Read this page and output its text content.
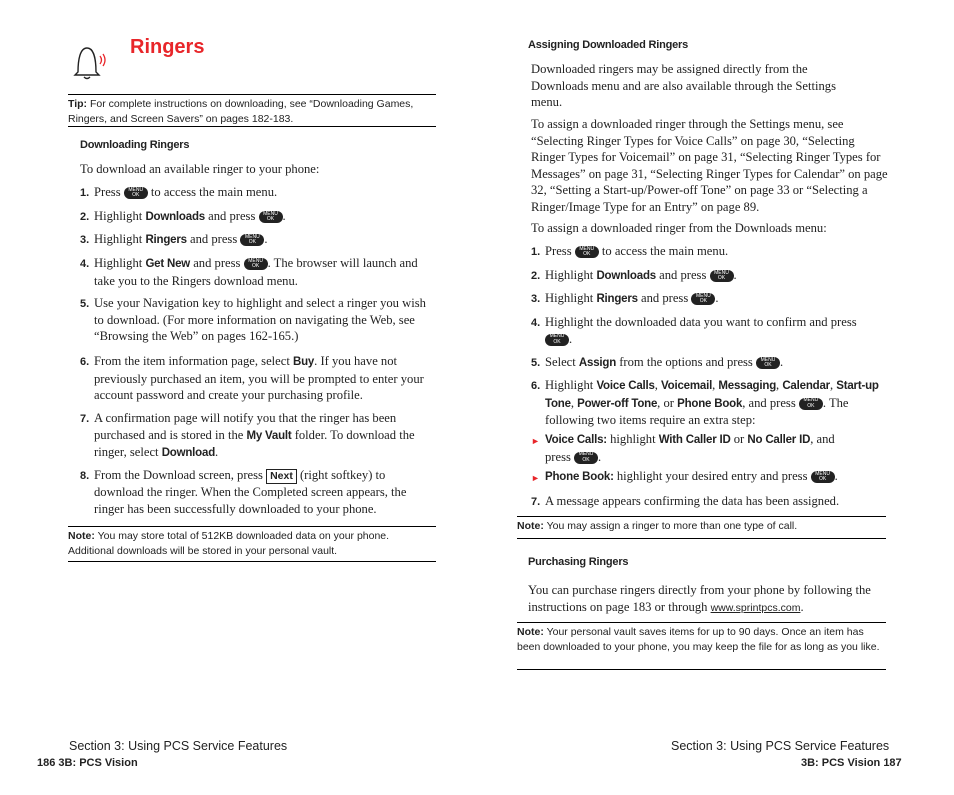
Ringers
Tip: For complete instructions on downloading, see “Downloading Games, Ringers, and Screen Savers” on pages 182-183.
Downloading Ringers
To download an available ringer to your phone:
1. Press MENU
OK to access the main menu.
2. Highlight Downloads and press MENU
OK .
3. Highlight Ringers and press MENU
OK .
4. Highlight Get New and press MENU
OK . The browser will launch and take you to the Ringers download menu.
5. Use your Navigation key to highlight and select a ringer you wish to download. (For more information on navigating the Web, see “Browsing the Web” on pages 162-165.)
6. From the item information page, select Buy. If you have not previously purchased an item, you will be prompted to enter your account password and create your purchasing profile.
7. A confirmation page will notify you that the ringer has been purchased and is stored in the My Vault folder. To download the ringer, select Download.
8. From the Download screen, press Next (right softkey) to download the ringer. When the Completed screen appears, the ringer has been successfully downloaded to your phone.
Note: You may store total of 512KB downloaded data on your phone. Additional downloads will be stored in your personal vault.
Section 3: Using PCS Service Features
186 3B: PCS Vision
Assigning Downloaded Ringers
Downloaded ringers may be assigned directly from the Downloads menu and are also available through the Settings menu.
To assign a downloaded ringer through the Settings menu, see “Selecting Ringer Types for Voice Calls” on page 30, “Selecting Ringer Types for Voicemail” on page 31, “Selecting Ringer Types for Messages” on page 31, “Selecting Ringer Types for Calendar” on page 32, “Setting a Start-up/Power-off Tone” on page 33 or “Selecting a Ringer/Image Type for an Entry” on page 89.
To assign a downloaded ringer from the Downloads menu:
1. Press MENU
OK to access the main menu.
2. Highlight Downloads and press MENU
OK .
3. Highlight Ringers and press MENU
OK .
4. Highlight the downloaded data you want to confirm and press
MENU
OK .
5. Select Assign from the options and press MENU
OK .
6. Highlight Voice Calls, Voicemail, Messaging, Calendar, Start-up Tone, Power-off Tone, or Phone Book, and press MENU
OK . The following two items require an extra step:
► Voice Calls: highlight With Caller ID or No Caller ID, and press MENU
OK .
► Phone Book: highlight your desired entry and press MENU
OK .
7. A message appears confirming the data has been assigned.
Note: You may assign a ringer to more than one type of call.
Purchasing Ringers
You can purchase ringers directly from your phone by following the instructions on page 183 or through www.sprintpcs.com.
Note: Your personal vault saves items for up to 90 days. Once an item has been downloaded to your phone, you may keep the file for as long as you like.
Section 3: Using PCS Service Features
3B: PCS Vision 187
